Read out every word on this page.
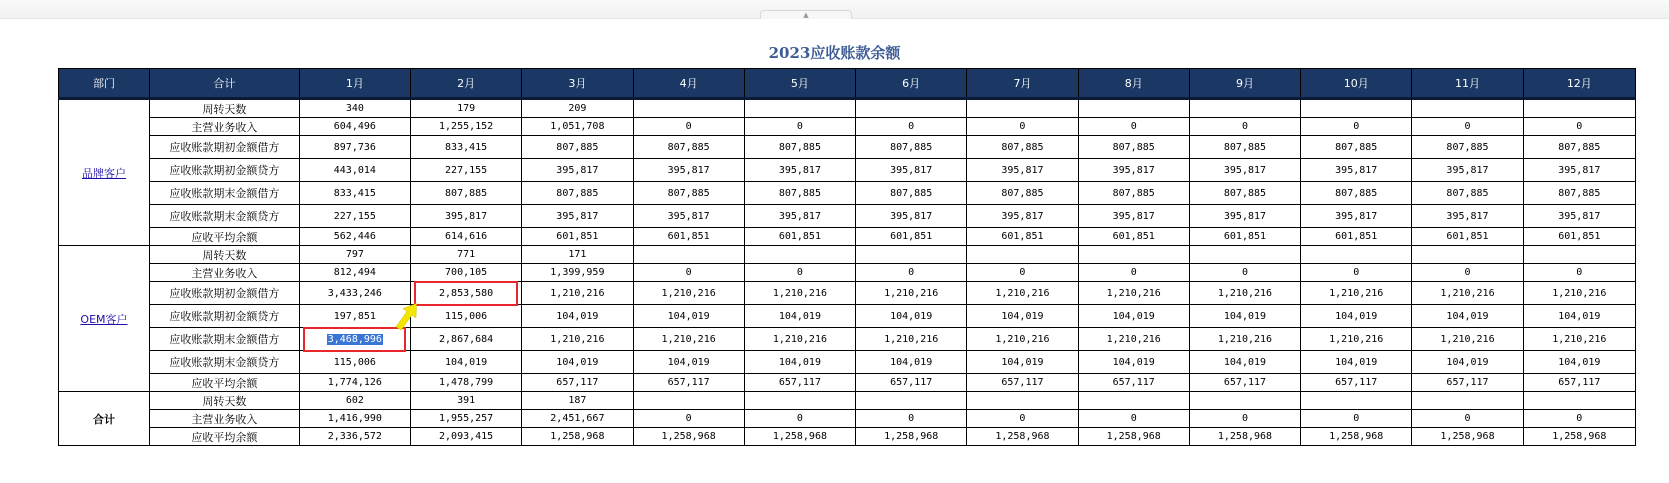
▲
2023应收账款余额
部门	合计	1月	2月	3月	4月	5月	6月	7月	8月	9月	10月	11月	12月
品牌客户	周转天数	340	179	209									
	主营业务收入	604,496	1,255,152	1,051,708	0	0	0	0	0	0	0	0	0
	应收账款期初金额借方	897,736	833,415	807,885	807,885	807,885	807,885	807,885	807,885	807,885	807,885	807,885	807,885
	应收账款期初金额贷方	443,014	227,155	395,817	395,817	395,817	395,817	395,817	395,817	395,817	395,817	395,817	395,817
	应收账款期末金额借方	833,415	807,885	807,885	807,885	807,885	807,885	807,885	807,885	807,885	807,885	807,885	807,885
	应收账款期末金额贷方	227,155	395,817	395,817	395,817	395,817	395,817	395,817	395,817	395,817	395,817	395,817	395,817
	应收平均余额	562,446	614,616	601,851	601,851	601,851	601,851	601,851	601,851	601,851	601,851	601,851	601,851
OEM客户	周转天数	797	771	171									
	主营业务收入	812,494	700,105	1,399,959	0	0	0	0	0	0	0	0	0
	应收账款期初金额借方	3,433,246	2,853,580	1,210,216	1,210,216	1,210,216	1,210,216	1,210,216	1,210,216	1,210,216	1,210,216	1,210,216	1,210,216
	应收账款期初金额贷方	197,851	115,006	104,019	104,019	104,019	104,019	104,019	104,019	104,019	104,019	104,019	104,019
	应收账款期末金额借方	3,468,996	2,867,684	1,210,216	1,210,216	1,210,216	1,210,216	1,210,216	1,210,216	1,210,216	1,210,216	1,210,216	1,210,216
	应收账款期末金额贷方	115,006	104,019	104,019	104,019	104,019	104,019	104,019	104,019	104,019	104,019	104,019	104,019
	应收平均余额	1,774,126	1,478,799	657,117	657,117	657,117	657,117	657,117	657,117	657,117	657,117	657,117	657,117
合计	周转天数	602	391	187									
	主营业务收入	1,416,990	1,955,257	2,451,667	0	0	0	0	0	0	0	0	0
	应收平均余额	2,336,572	2,093,415	1,258,968	1,258,968	1,258,968	1,258,968	1,258,968	1,258,968	1,258,968	1,258,968	1,258,968	1,258,968
